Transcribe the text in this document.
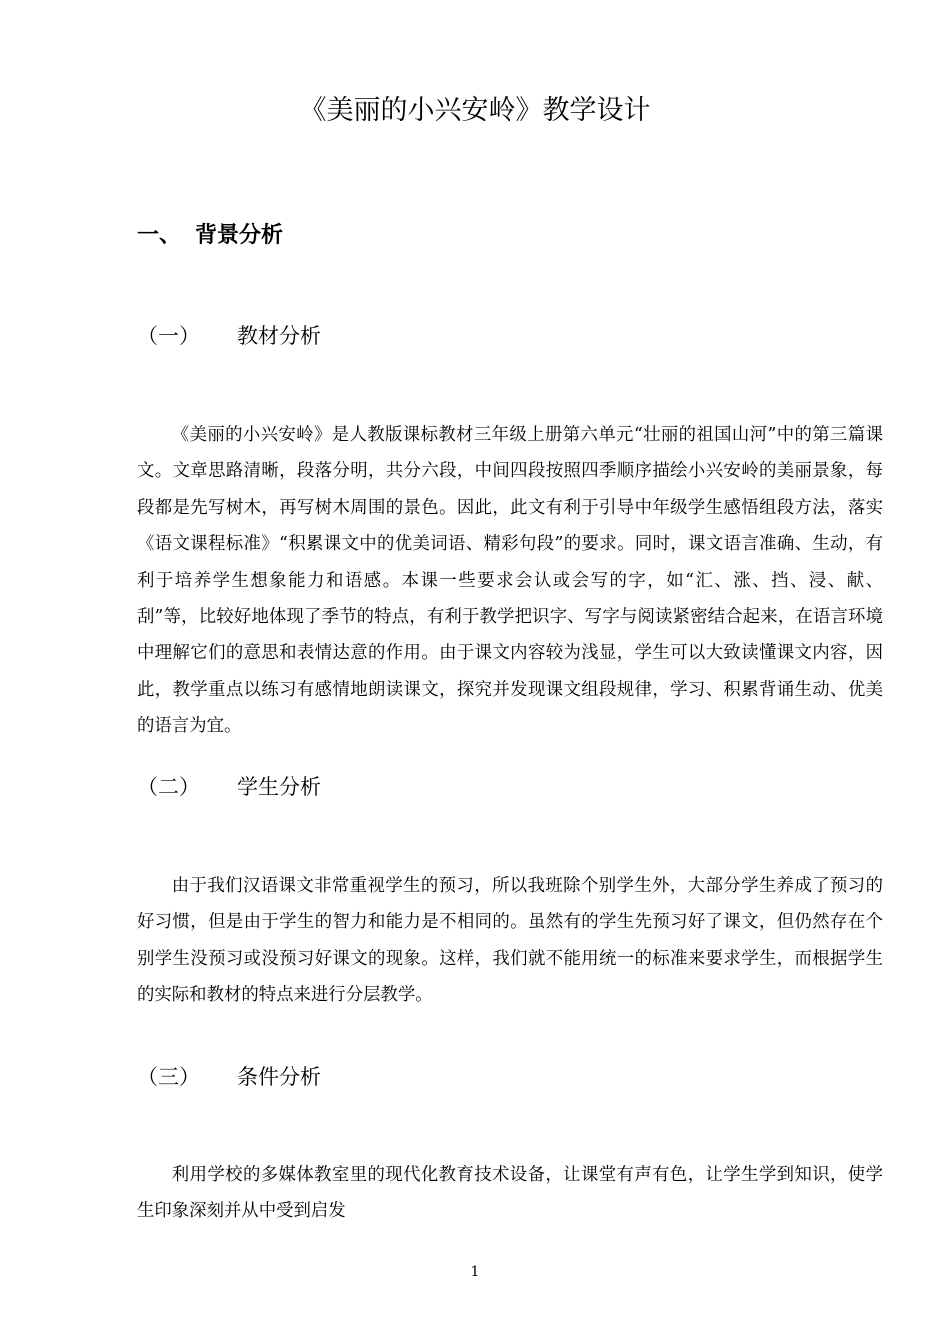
《美丽的小兴安岭》教学设计
一、 背景分析
（一） 教材分析

《美丽的小兴安岭》是人教版课标教材三年级上册第六单元“壮丽的祖国山河”中的第三篇课文。文章思路清晰，段落分明，共分六段，中间四段按照四季顺序描绘小兴安岭的美丽景象，每段都是先写树木，再写树木周围的景色。因此，此文有利于引导中年级学生感悟组段方法，落实《语文课程标准》“积累课文中的优美词语、精彩句段”的要求。同时，课文语言准确、生动，有利于培养学生想象能力和语感。本课一些要求会认或会写的字，如“汇、涨、挡、浸、献、刮”等，比较好地体现了季节的特点，有利于教学把识字、写字与阅读紧密结合起来，在语言环境中理解它们的意思和表情达意的作用。由于课文内容较为浅显，学生可以大致读懂课文内容，因此，教学重点以练习有感情地朗读课文，探究并发现课文组段规律，学习、积累背诵生动、优美的语言为宜。

（二） 学生分析

由于我们汉语课文非常重视学生的预习，所以我班除个别学生外，大部分学生养成了预习的好习惯，但是由于学生的智力和能力是不相同的。虽然有的学生先预习好了课文，但仍然存在个别学生没预习或没预习好课文的现象。这样，我们就不能用统一的标准来要求学生，而根据学生的实际和教材的特点来进行分层教学。

（三） 条件分析

利用学校的多媒体教室里的现代化教育技术设备，让课堂有声有色，让学生学到知识，使学生印象深刻并从中受到启发

1
